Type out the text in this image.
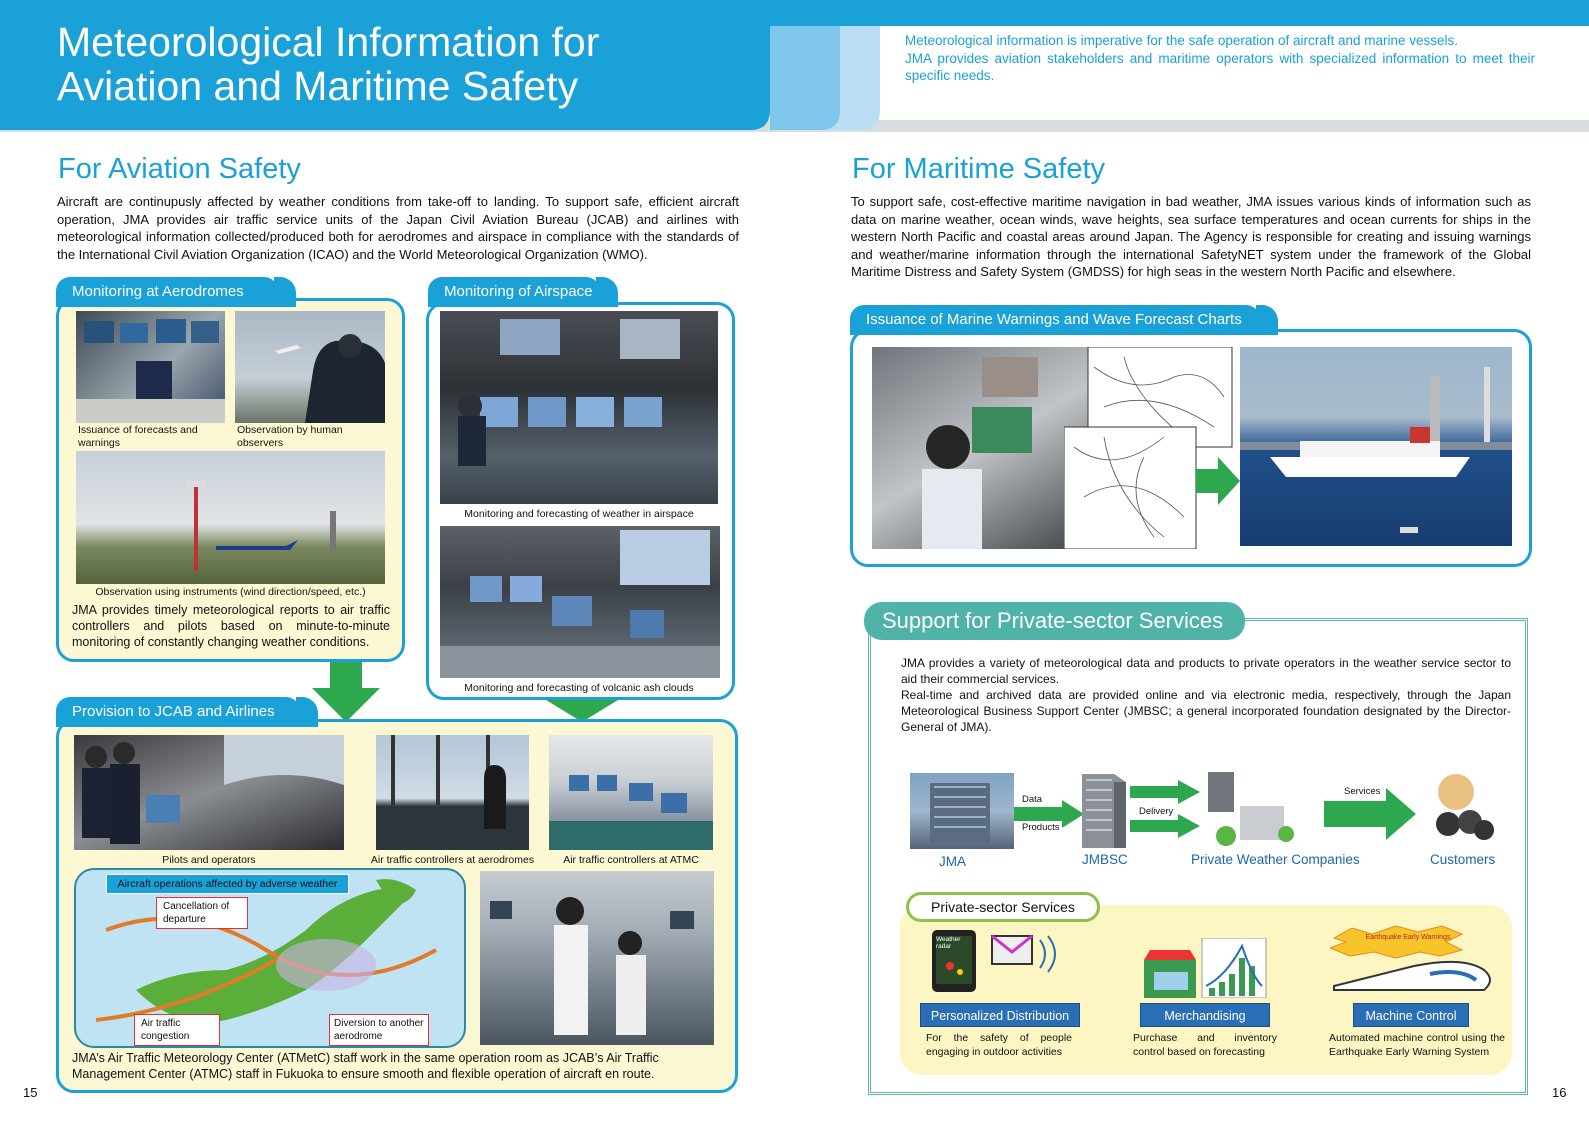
Meteorological Information for
Aviation and Maritime Safety
Meteorological information is imperative for the safe operation of aircraft and marine vessels.
JMA provides aviation stakeholders and maritime operators with specialized information to meet their specific needs.
For Aviation Safety

Aircraft are continupusly affected by weather conditions from take-off to landing. To support safe, efficient aircraft operation, JMA provides air traffic service units of the Japan Civil Aviation Bureau (JCAB) and airlines with meteorological information collected/produced both for aerodromes and airspace in compliance with the standards of the International Civil Aviation Organization (ICAO) and the World Meteorological Organization (WMO).

Monitoring at Aerodromes
Issuance of forecasts and warnings
Observation by human observers
Observation using instruments (wind direction/speed, etc.)

JMA provides timely meteorological reports to air traffic controllers and pilots based on minute-to-minute monitoring of constantly changing weather conditions.

Monitoring of Airspace
Monitoring and forecasting of weather in airspace
Monitoring and forecasting of volcanic ash clouds
Provision to JCAB and Airlines
Pilots and operators	Air traffic controllers at aerodromes	Air traffic controllers at ATMC
Aircraft operations affected by adverse weather
Cancellation of departure
Air traffic congestion
Diversion to another aerodrome

JMA’s Air Traffic Meteorology Center (ATMetC) staff work in the same operation room as JCAB’s Air Traffic Management Center (ATMC) staff in Fukuoka to ensure smooth and flexible operation of aircraft en route.

15
For Maritime Safety

To support safe, cost-effective maritime navigation in bad weather, JMA issues various kinds of information such as data on marine weather, ocean winds, wave heights, sea surface temperatures and ocean currents for ships in the western North Pacific and coastal areas around Japan. The Agency is responsible for creating and issuing warnings and weather/marine information through the international SafetyNET system under the framework of the Global Maritime Distress and Safety System (GMDSS) for high seas in the western North Pacific and elsewhere.

Issuance of Marine Warnings and Wave Forecast Charts
Support for Private-sector Services

JMA provides a variety of meteorological data and products to private operators in the weather service sector to aid their commercial services.

Real-time and archived data are provided online and via electronic media, respectively, through the Japan Meteorological Business Support Center (JMBSC; a general incorporated foundation designated by the Director-General of JMA).

Data
Products
Delivery
Services
JMA	JMBSC	Private Weather Companies	Customers
Private-sector Services
Weather radar
Earthquake Early Warnings
Personalized Distribution	Merchandising	Machine Control
For the safety of people engaging in outdoor activities
Purchase and inventory control based on forecasting
Automated machine control using the Earthquake Early Warning System
16
